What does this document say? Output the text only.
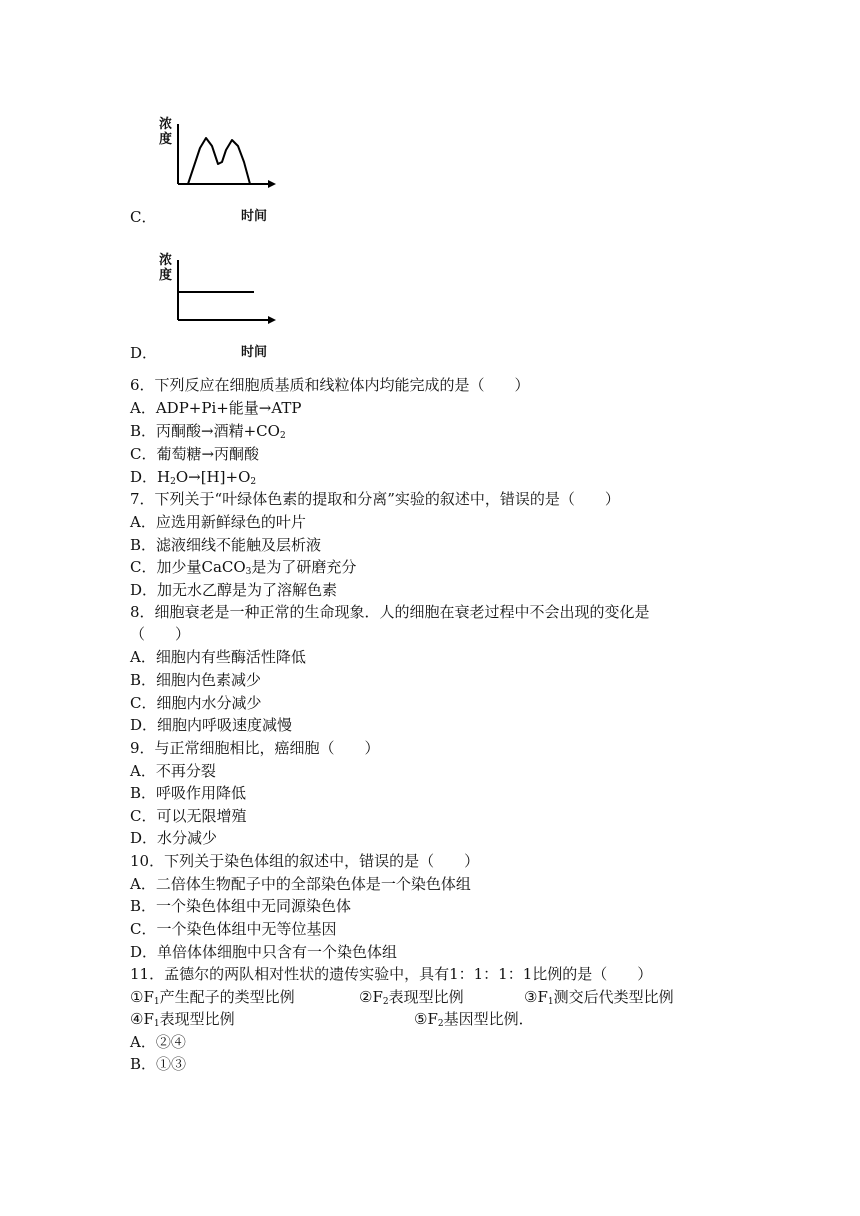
浓度
C．	时间
浓度
D．	时间
6．下列反应在细胞质基质和线粒体内均能完成的是（　　）
A．ADP+Pi+能量→ATP
B．丙酮酸→酒精$+CO_2$
C．葡萄糖→丙酮酸
D．$H_2O\to[H]+O_2$
7．下列关于“叶绿体色素的提取和分离”实验的叙述中，错误的是（　　）
A．应选用新鲜绿色的叶片
B．滤液细线不能触及层析液
C．加少量CaCO$_3$是为了研磨充分
D．加无水乙醇是为了溶解色素
8．细胞衰老是一种正常的生命现象．人的细胞在衰老过程中不会出现的变化是
（　　）
A．细胞内有些酶活性降低
B．细胞内色素减少
C．细胞内水分减少
D．细胞内呼吸速度减慢
9．与正常细胞相比，癌细胞（　　）
A．不再分裂
B．呼吸作用降低
C．可以无限增殖
D．水分减少
10．下列关于染色体组的叙述中，错误的是（　　）
A．二倍体生物配子中的全部染色体是一个染色体组
B．一个染色体组中无同源染色体
C．一个染色体组中无等位基因
D．单倍体体细胞中只含有一个染色体组
11．孟德尔的两队相对性状的遗传实验中，具有1：1：1：1比例的是（　　）
$①F_1$产生配子的类型比例	$②F_2$表现型比例	$③F_1$测交后代类型比例
$④F_1$表现型比例	$⑤F_2$基因型比例．
A．②④
B．①③
